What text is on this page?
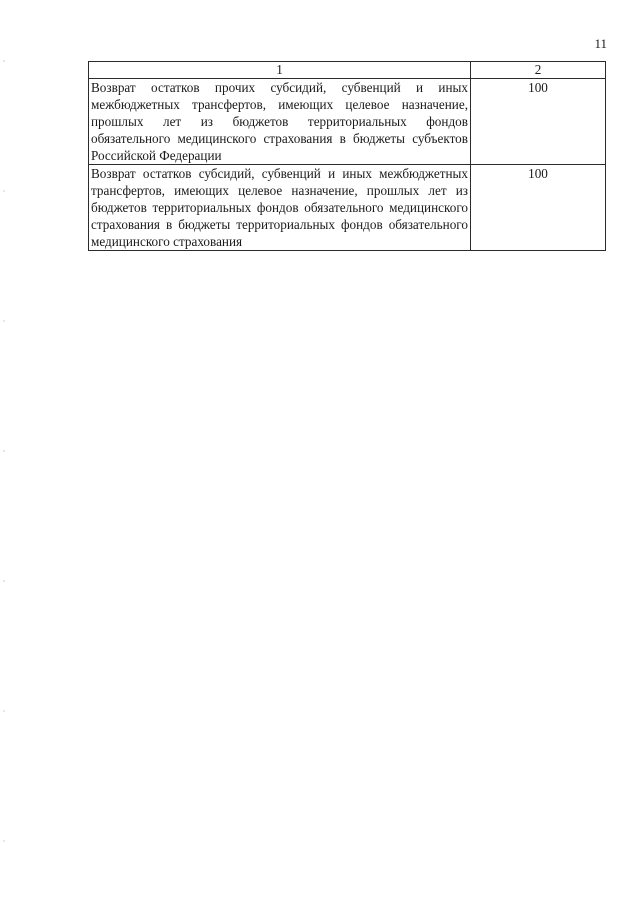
11
1	2
Возврат остатков прочих субсидий, субвенций и иных межбюджетных трансфертов, имеющих целевое назначение, прошлых лет из бюджетов территориальных фондов обязательного медицинского страхования в бюджеты субъектов Российской Федерации	100
Возврат остатков субсидий, субвенций и иных межбюджетных трансфертов, имеющих целевое назначение, прошлых лет из бюджетов территориальных фондов обязательного медицинского страхования в бюджеты территориальных фондов обязательного медицинского страхования	100
